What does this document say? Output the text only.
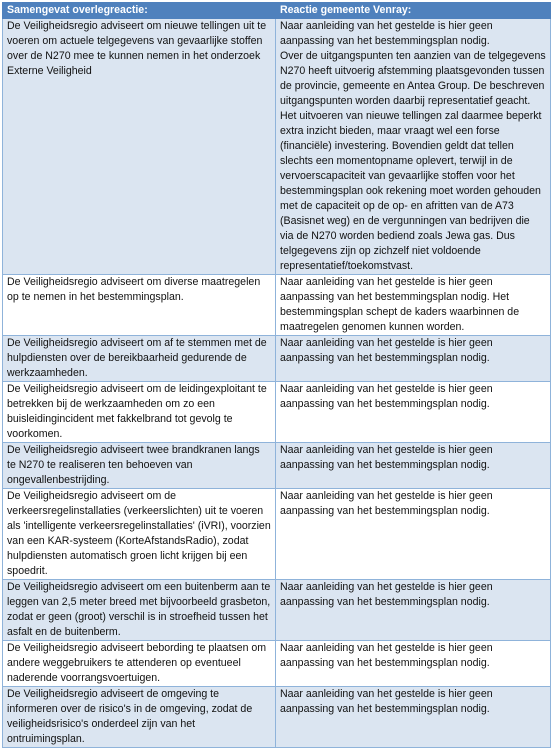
Samengevat overlegreactie:	Reactie gemeente Venray:
De Veiligheidsregio adviseert om nieuwe tellingen uit te voeren om actuele telgegevens van gevaarlijke stoffen over de N270 mee te kunnen nemen in het onderzoek Externe Veiligheid	Naar aanleiding van het gestelde is hier geen aanpassing van het bestemmingsplan nodig.

Over de uitgangspunten ten aanzien van de telgegevens N270 heeft uitvoerig afstemming plaatsgevonden tussen de provincie, gemeente en Antea Group. De beschreven uitgangspunten worden daarbij representatief geacht. Het uitvoeren van nieuwe tellingen zal daarmee beperkt extra inzicht bieden, maar vraagt wel een forse (financiële) investering. Bovendien geldt dat tellen slechts een momentopname oplevert, terwijl in de vervoerscapaciteit van gevaarlijke stoffen voor het bestemmingsplan ook rekening moet worden gehouden met de capaciteit op de op- en afritten van de A73 (Basisnet weg) en de vergunningen van bedrijven die via de N270 worden bediend zoals Jewa gas. Dus telgegevens zijn op zichzelf niet voldoende representatief/toekomstvast.

De Veiligheidsregio adviseert om diverse maatregelen op te nemen in het bestemmingsplan.	Naar aanleiding van het gestelde is hier geen aanpassing van het bestemmingsplan nodig. Het bestemmingsplan schept de kaders waarbinnen de maatregelen genomen kunnen worden.
De Veiligheidsregio adviseert om af te stemmen met de hulpdiensten over de bereikbaarheid gedurende de werkzaamheden.	Naar aanleiding van het gestelde is hier geen aanpassing van het bestemmingsplan nodig.
De Veiligheidsregio adviseert om de leidingexploitant te betrekken bij de werkzaamheden om zo een buisleidingincident met fakkelbrand tot gevolg te voorkomen.	Naar aanleiding van het gestelde is hier geen aanpassing van het bestemmingsplan nodig.
De Veiligheidsregio adviseert twee brandkranen langs te N270 te realiseren ten behoeven van ongevallenbestrijding.	Naar aanleiding van het gestelde is hier geen aanpassing van het bestemmingsplan nodig.
De Veiligheidsregio adviseert om de verkeersregelinstallaties (verkeerslichten) uit te voeren als 'intelligente verkeersregelinstallaties' (iVRI), voorzien van een KAR-systeem (KorteAfstandsRadio), zodat hulpdiensten automatisch groen licht krijgen bij een spoedrit.	Naar aanleiding van het gestelde is hier geen aanpassing van het bestemmingsplan nodig.
De Veiligheidsregio adviseert om een buitenberm aan te leggen van 2,5 meter breed met bijvoorbeeld grasbeton, zodat er geen (groot) verschil is in stroefheid tussen het asfalt en de buitenberm.	Naar aanleiding van het gestelde is hier geen aanpassing van het bestemmingsplan nodig.
De Veiligheidsregio adviseert bebording te plaatsen om andere weggebruikers te attenderen op eventueel naderende voorrangsvoertuigen.	Naar aanleiding van het gestelde is hier geen aanpassing van het bestemmingsplan nodig.
De Veiligheidsregio adviseert de omgeving te informeren over de risico's in de omgeving, zodat de veiligheidsrisico's onderdeel zijn van het ontruimingsplan.	Naar aanleiding van het gestelde is hier geen aanpassing van het bestemmingsplan nodig.
